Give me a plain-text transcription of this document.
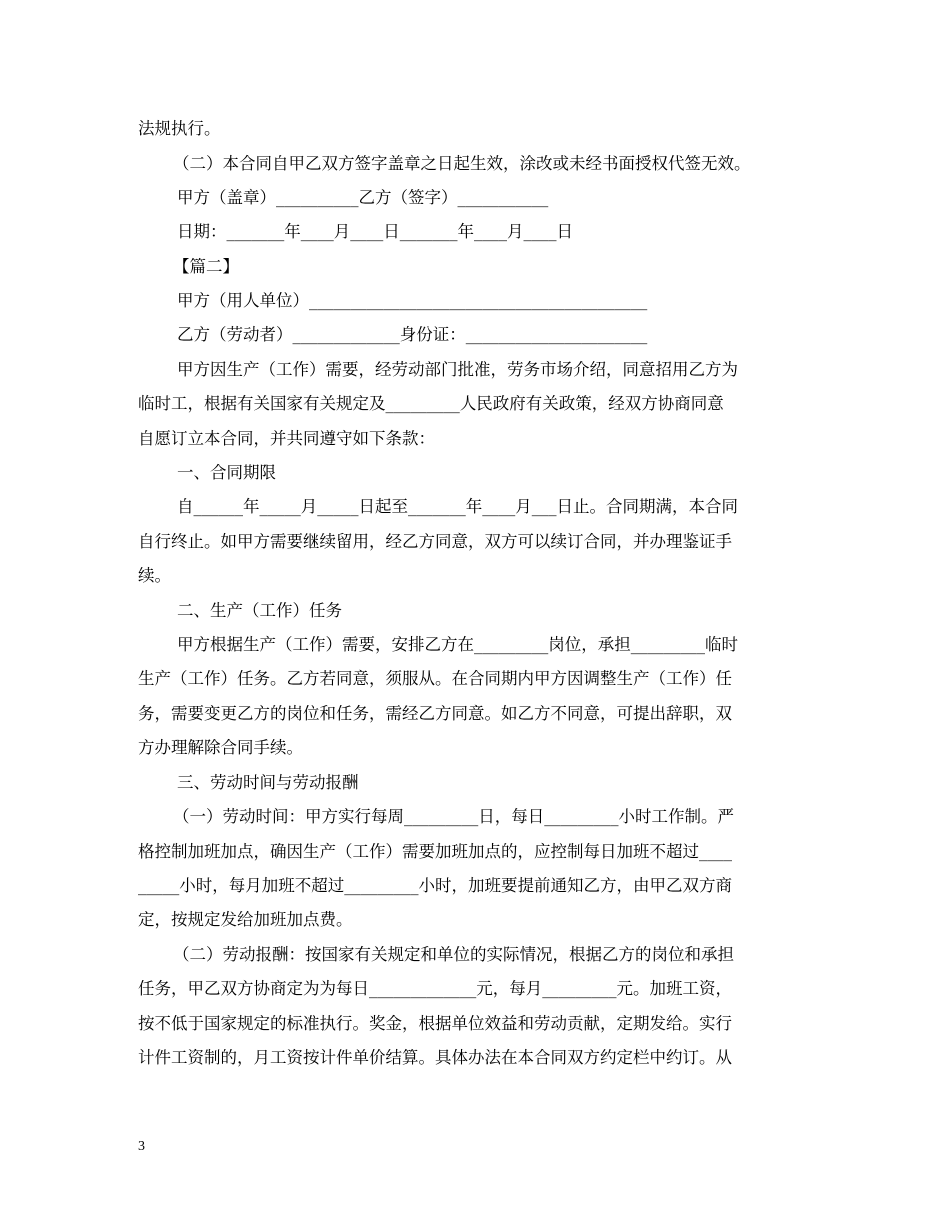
法规执行。
（二）本合同自甲乙双方签字盖章之日起生效，涂改或未经书面授权代签无效。
甲方（盖章）__________乙方（签字）___________
日期：_______年____月____日_______年____月____日
【篇二】
甲方（用人单位）_________________________________________
乙方（劳动者）_____________身份证：______________________
甲方因生产（工作）需要，经劳动部门批准，劳务市场介绍，同意招用乙方为
临时工，根据有关国家有关规定及_________人民政府有关政策，经双方协商同意
自愿订立本合同，并共同遵守如下条款：
一、合同期限
自______年_____月_____日起至_______年____月___日止。合同期满，本合同
自行终止。如甲方需要继续留用，经乙方同意，双方可以续订合同，并办理鉴证手
续。
二、生产（工作）任务
甲方根据生产（工作）需要，安排乙方在_________岗位，承担_________临时
生产（工作）任务。乙方若同意，须服从。在合同期内甲方因调整生产（工作）任
务，需要变更乙方的岗位和任务，需经乙方同意。如乙方不同意，可提出辞职，双
方办理解除合同手续。
三、劳动时间与劳动报酬
（一）劳动时间：甲方实行每周_________日，每日_________小时工作制。严
格控制加班加点，确因生产（工作）需要加班加点的，应控制每日加班不超过____
_____小时，每月加班不超过_________小时，加班要提前通知乙方，由甲乙双方商
定，按规定发给加班加点费。
（二）劳动报酬：按国家有关规定和单位的实际情况，根据乙方的岗位和承担
任务，甲乙双方协商定为为每日_____________元，每月_________元。加班工资，
按不低于国家规定的标准执行。奖金，根据单位效益和劳动贡献，定期发给。实行
计件工资制的，月工资按计件单价结算。具体办法在本合同双方约定栏中约订。从
3
